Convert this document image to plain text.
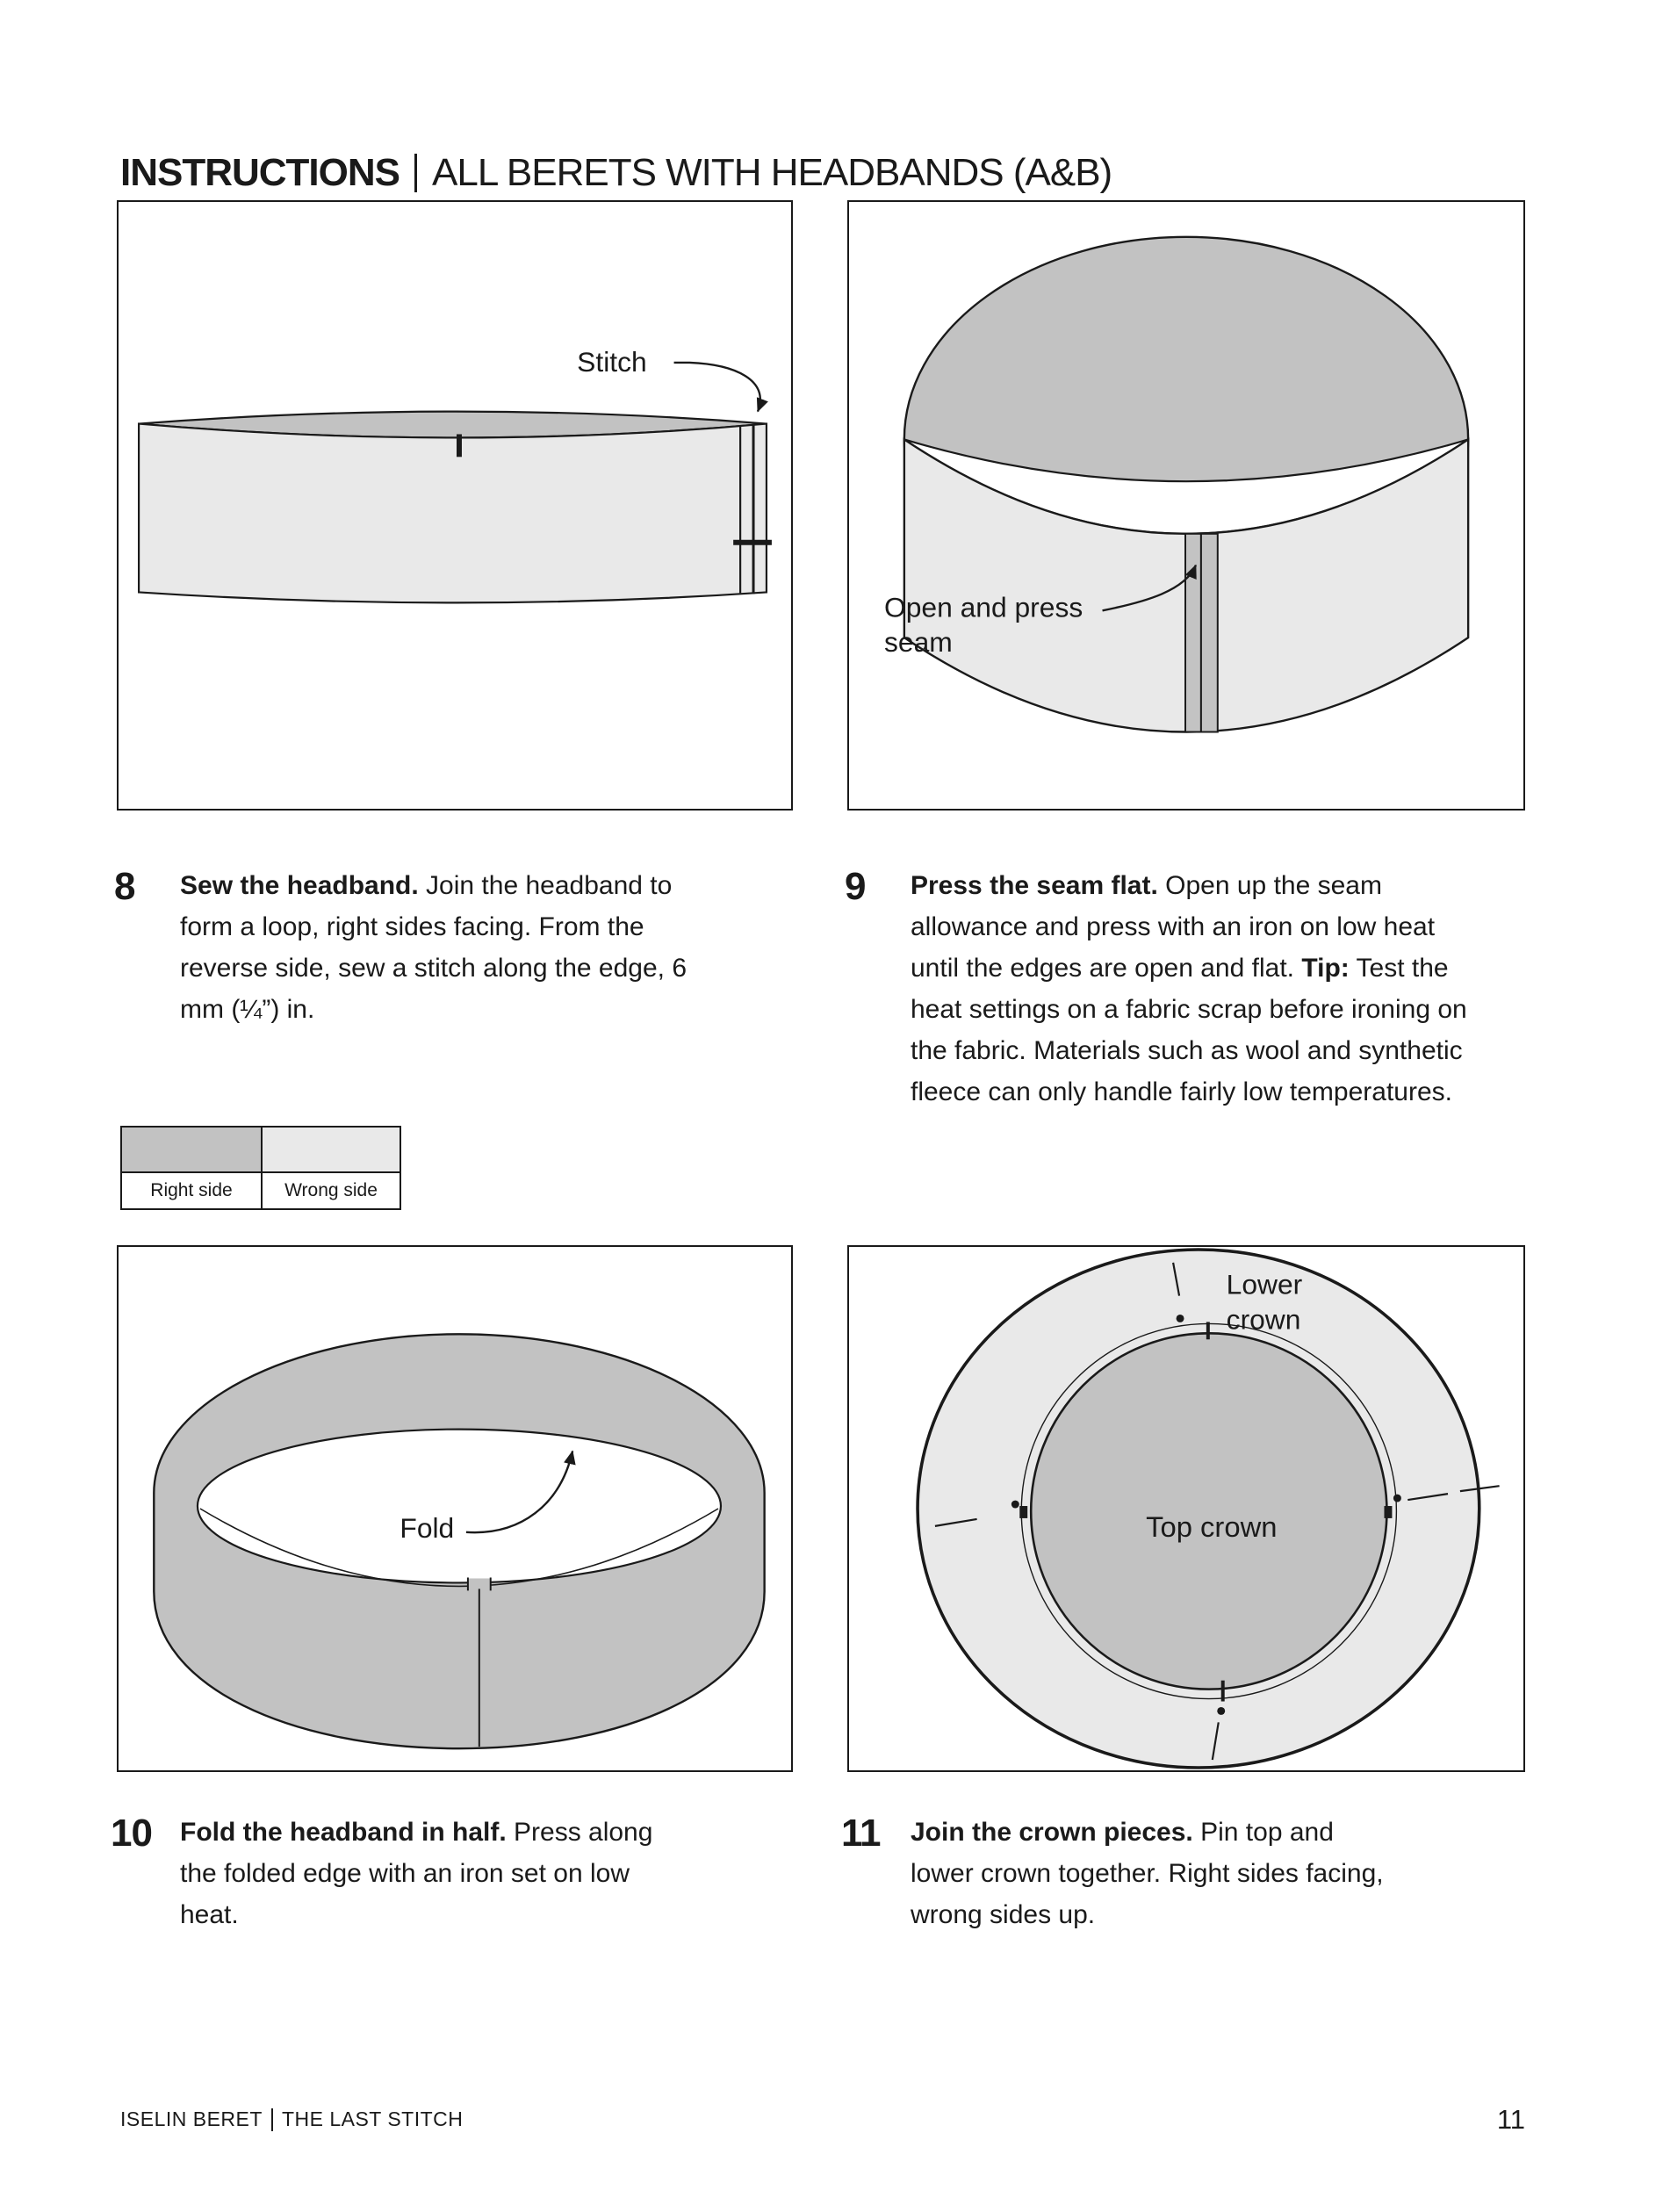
INSTRUCTIONS ALL BERETS WITH HEADBANDS (A&B)
Stitch
Open and press
seam
8 Sew the headband. Join the headband to form a loop, right sides facing. From the reverse side, sew a stitch along the edge, 6 mm (¼”) in.
9 Press the seam flat. Open up the seam allowance and press with an iron on low heat until the edges are open and flat. Tip: Test the heat settings on a fabric scrap before ironing on the fabric. Materials such as wool and synthetic fleece can only handle fairly low temperatures.
Right side	Wrong side
Fold
Lower
crown
Top crown
10 Fold the headband in half. Press along the folded edge with an iron set on low heat.
11 Join the crown pieces. Pin top and lower crown together. Right sides facing, wrong sides up.
ISELIN BERET THE LAST STITCH	11
